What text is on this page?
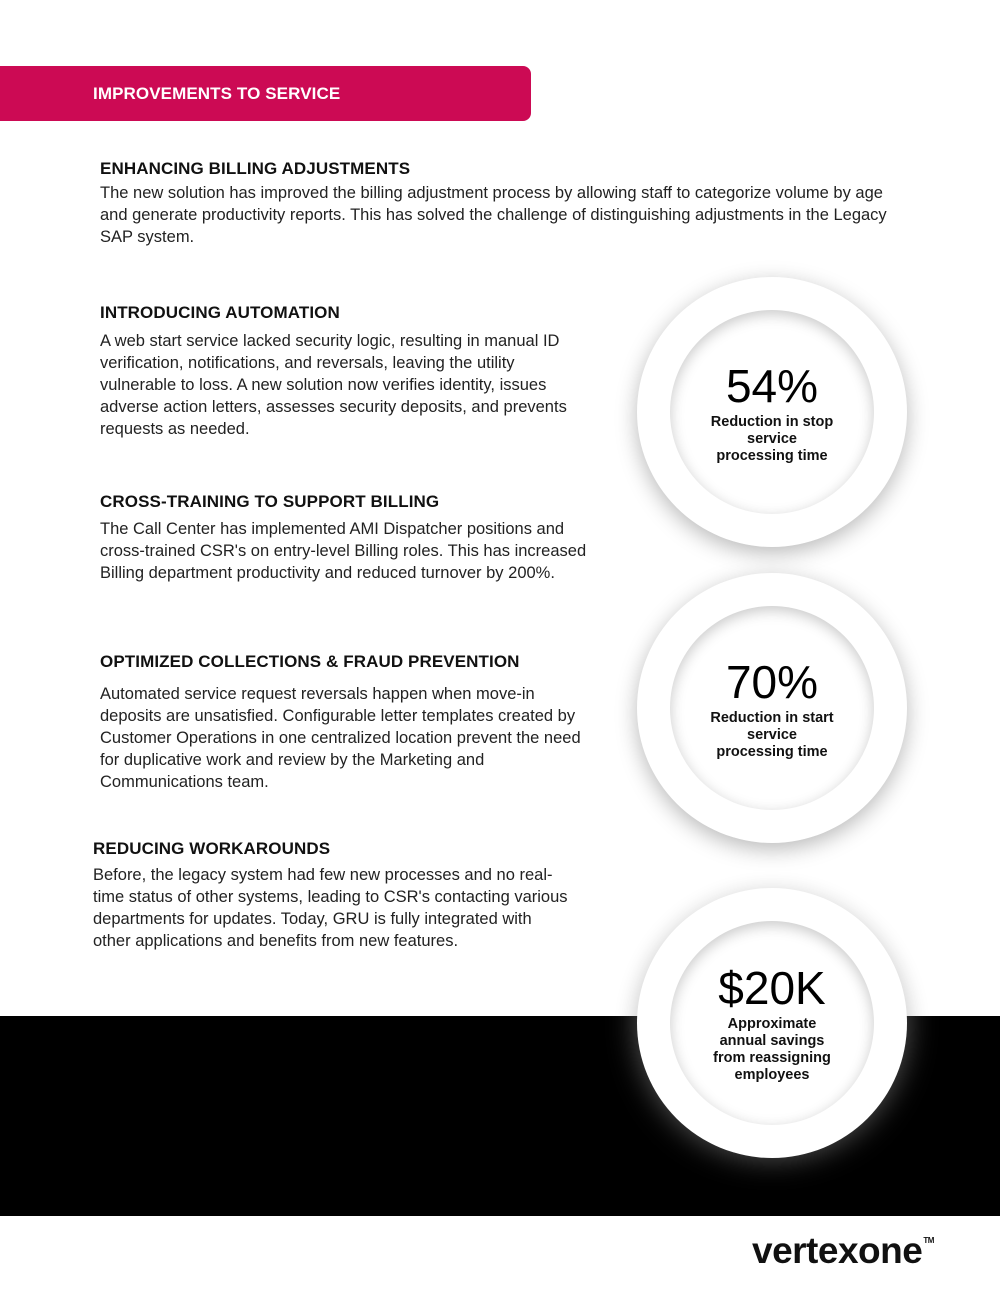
IMPROVEMENTS TO SERVICE
ENHANCING BILLING ADJUSTMENTS

The new solution has improved the billing adjustment process by allowing staff to categorize volume by age and generate productivity reports. This has solved the challenge of distinguishing adjustments in the Legacy SAP system.

INTRODUCING AUTOMATION

A web start service lacked security logic, resulting in manual ID verification, notifications, and reversals, leaving the utility vulnerable to loss. A new solution now verifies identity, issues adverse action letters, assesses security deposits, and prevents requests as needed.

CROSS-TRAINING TO SUPPORT BILLING

The Call Center has implemented AMI Dispatcher positions and cross-trained CSR's on entry-level Billing roles. This has increased Billing department productivity and reduced turnover by 200%.

OPTIMIZED COLLECTIONS & FRAUD PREVENTION

Automated service request reversals happen when move-in deposits are unsatisfied. Configurable letter templates created by Customer Operations in one centralized location prevent the need for duplicative work and review by the Marketing and Communications team.

REDUCING WORKAROUNDS

Before, the legacy system had few new processes and no real-time status of other systems, leading to CSR's contacting various departments for updates. Today, GRU is fully integrated with other applications and benefits from new features.

54%
Reduction in stop service processing time
70%
Reduction in start service processing time
$20K
Approximate annual savings from reassigning employees
vertexone™
